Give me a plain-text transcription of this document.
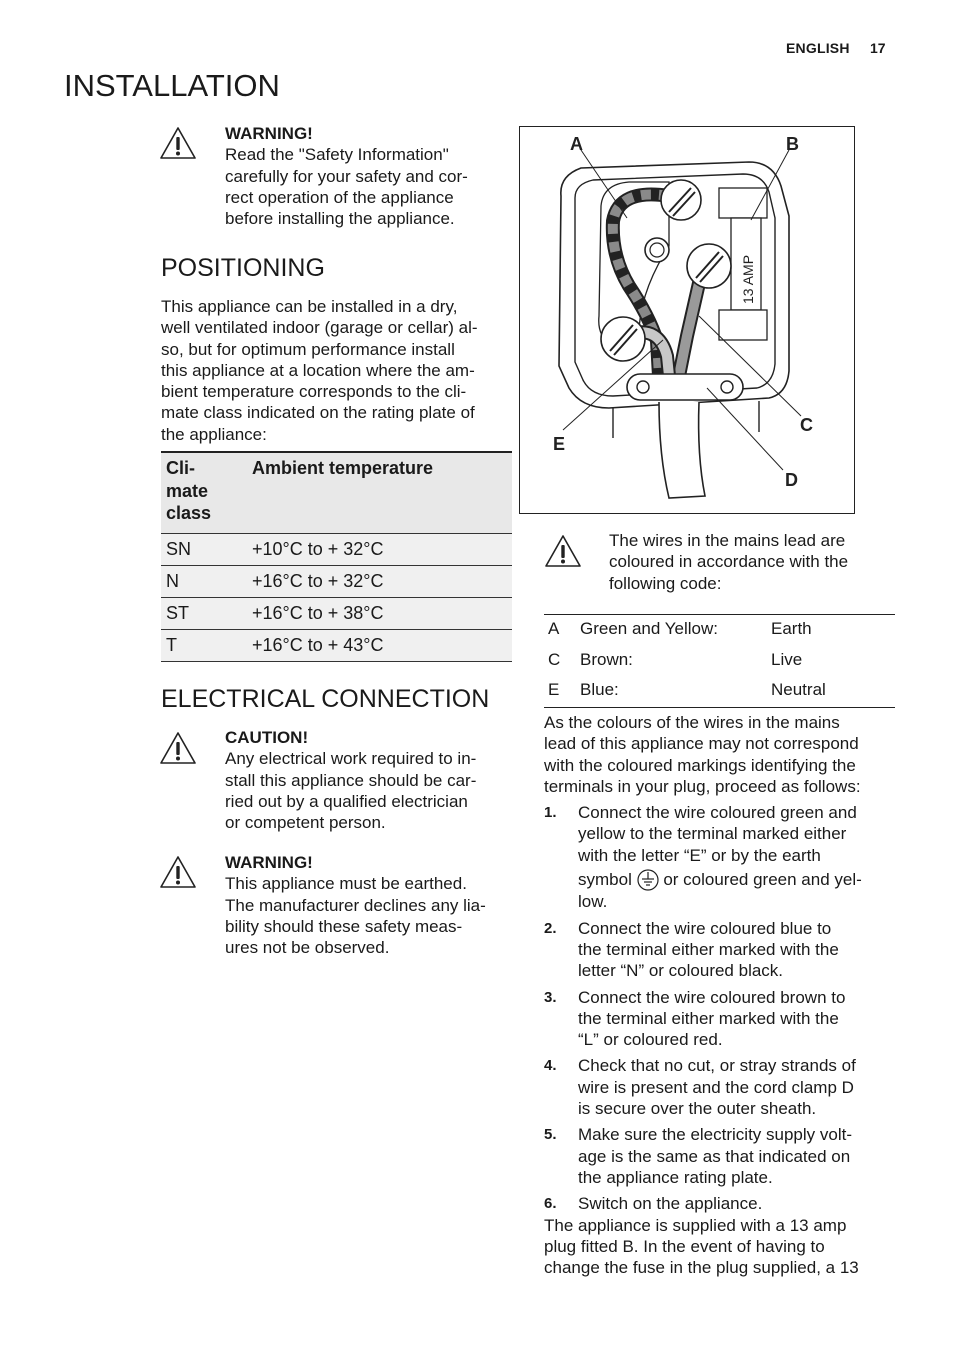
ENGLISH 17
INSTALLATION
WARNING!
Read the "Safety Information"
carefully for your safety and cor-
rect operation of the appliance
before installing the appliance.
POSITIONING
This appliance can be installed in a dry,
well ventilated indoor (garage or cellar) al-
so, but for optimum performance install
this appliance at a location where the am-
bient temperature corresponds to the cli-
mate class indicated on the rating plate of
the appliance:
Cli-
mate
class	Ambient temperature
SN	+10°C to + 32°C
N	+16°C to + 32°C
ST	+16°C to + 38°C
T	+16°C to + 43°C
ELECTRICAL CONNECTION
CAUTION!
Any electrical work required to in-
stall this appliance should be car-
ried out by a qualified electrician
or competent person.
WARNING!
This appliance must be earthed.
The manufacturer declines any lia-
bility should these safety meas-
ures not be observed.
13 AMP
A	B
C
D
E
The wires in the mains lead are
coloured in accordance with the
following code:
A	Green and Yellow:	Earth
C	Brown:	Live
E	Blue:	Neutral
As the colours of the wires in the mains
lead of this appliance may not correspond
with the coloured markings identifying the
terminals in your plug, proceed as follows:
1. Connect the wire coloured green and
yellow to the terminal marked either
with the letter “E” or by the earth
symbol or coloured green and yel-
low.
2. Connect the wire coloured blue to
the terminal either marked with the
letter “N” or coloured black.
3. Connect the wire coloured brown to
the terminal either marked with the
“L” or coloured red.
4. Check that no cut, or stray strands of
wire is present and the cord clamp D
is secure over the outer sheath.
5. Make sure the electricity supply volt-
age is the same as that indicated on
the appliance rating plate.
6. Switch on the appliance.
The appliance is supplied with a 13 amp
plug fitted B. In the event of having to
change the fuse in the plug supplied, a 13
